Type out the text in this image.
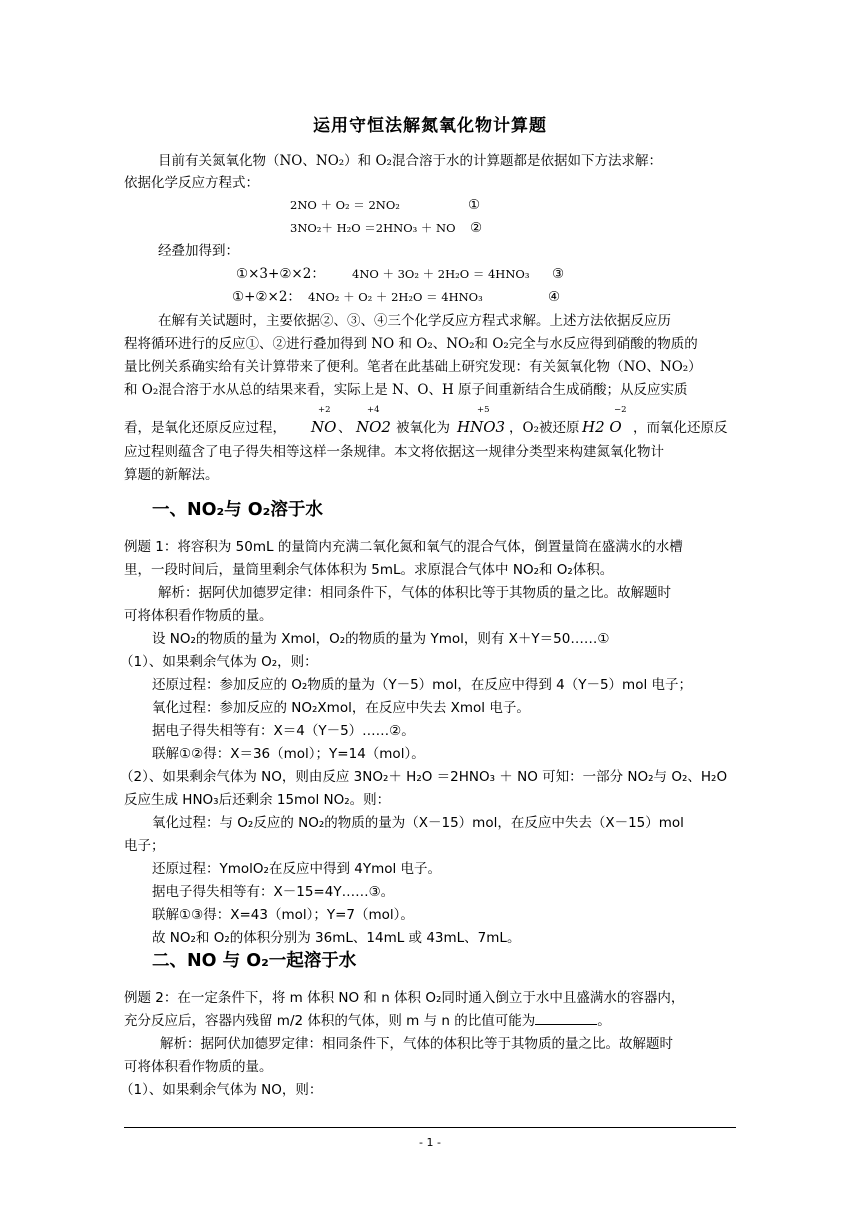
运用守恒法解氮氧化物计算题
目前有关氮氧化物（NO、NO₂）和 O₂混合溶于水的计算题都是依据如下方法求解：
依据化学反应方程式：
2NO ＋ O₂ ＝ 2NO₂	①
3NO₂＋ H₂O ＝2HNO₃ ＋ NO ②
经叠加得到：
①×3+②×2： 4NO ＋ 3O₂ ＋ 2H₂O ＝ 4HNO₃ ③
①+②×2： 4NO₂ ＋ O₂ ＋ 2H₂O ＝ 4HNO₃	④
在解有关试题时，主要依据②、③、④三个化学反应方程式求解。上述方法依据反应历
程将循环进行的反应①、②进行叠加得到 NO 和 O₂、NO₂和 O₂完全与水反应得到硝酸的物质的
量比例关系确实给有关计算带来了便利。笔者在此基础上研究发现：有关氮氧化物（NO、NO₂）
和 O₂混合溶于水从总的结果来看，实际上是 N、O、H 原子间重新结合生成硝酸；从反应实质
看，是氧化还原反应过程， NO
+2
、 NO2
+4
被氧化为 HNO3
+5
，O₂被还原 H2 O
−2
，而氧化还原反
应过程则蕴含了电子得失相等这样一条规律。本文将依据这一规律分类型来构建氮氧化物计
算题的新解法。
一、NO₂与 O₂溶于水
例题 1：将容积为 50mL 的量筒内充满二氧化氮和氧气的混合气体，倒置量筒在盛满水的水槽
里，一段时间后，量筒里剩余气体体积为 5mL。求原混合气体中 NO₂和 O₂体积。
解析：据阿伏加德罗定律：相同条件下，气体的体积比等于其物质的量之比。故解题时
可将体积看作物质的量。
设 NO₂的物质的量为 Xmol，O₂的物质的量为 Ymol，则有 X＋Y＝50……①
（1）、如果剩余气体为 O₂，则：
还原过程：参加反应的 O₂物质的量为（Y－5）mol，在反应中得到 4（Y－5）mol 电子；
氧化过程：参加反应的 NO₂Xmol，在反应中失去 Xmol 电子。
据电子得失相等有：X＝4（Y－5）……②。
联解①②得：X＝36（mol）；Y=14（mol）。
（2）、如果剩余气体为 NO，则由反应 3NO₂＋ H₂O ＝2HNO₃ ＋ NO 可知：一部分 NO₂与 O₂、H₂O
反应生成 HNO₃后还剩余 15mol NO₂。则：
氧化过程：与 O₂反应的 NO₂的物质的量为（X－15）mol，在反应中失去（X－15）mol
电子；
还原过程：YmolO₂在反应中得到 4Ymol 电子。
据电子得失相等有：X－15=4Y……③。
联解①③得：X=43（mol）；Y=7（mol）。
故 NO₂和 O₂的体积分别为 36mL、14mL 或 43mL、7mL。
二、NO 与 O₂一起溶于水
例题 2：在一定条件下，将 m 体积 NO 和 n 体积 O₂同时通入倒立于水中且盛满水的容器内，
充分反应后，容器内残留 m/2 体积的气体，则 m 与 n 的比值可能为	。
解析：据阿伏加德罗定律：相同条件下，气体的体积比等于其物质的量之比。故解题时
可将体积看作物质的量。
（1）、如果剩余气体为 NO，则：
- 1 -
